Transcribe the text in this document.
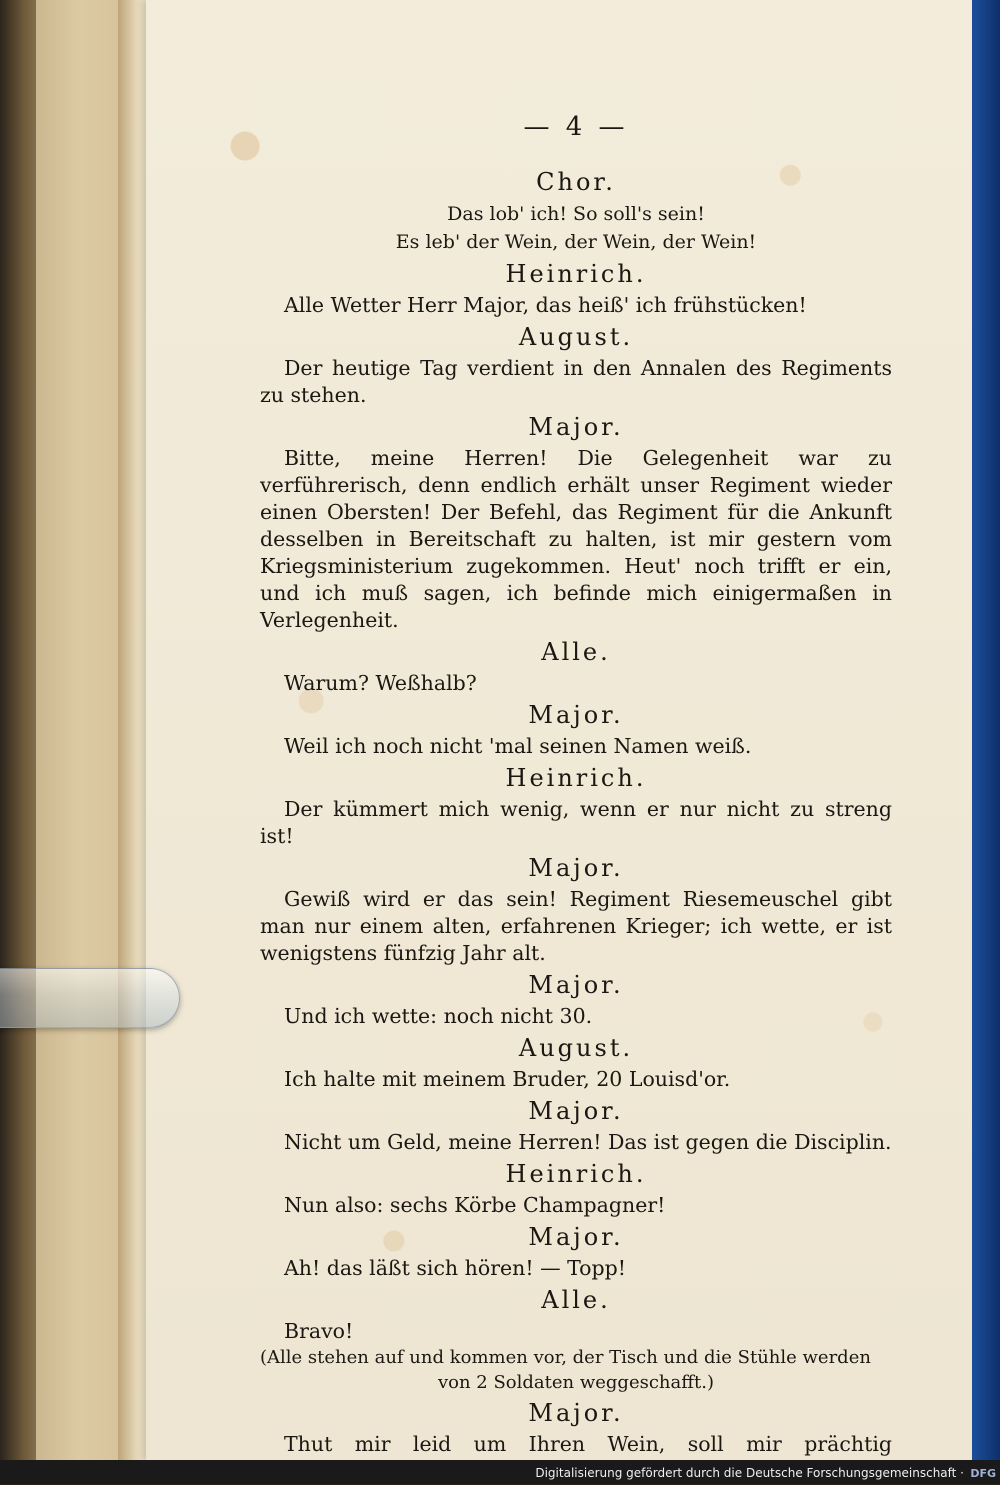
— 4 —

Chor.

Das lob' ich! So soll's sein!

Es leb' der Wein, der Wein, der Wein!

Heinrich.

Alle Wetter Herr Major, das heiß' ich frühstücken!

August.

Der heutige Tag verdient in den Annalen des Regiments zu stehen.

Major.

Bitte, meine Herren! Die Gelegenheit war zu verführerisch, denn endlich erhält unser Regiment wieder einen Obersten! Der Befehl, das Regiment für die Ankunft desselben in Bereitschaft zu halten, ist mir gestern vom Kriegsministerium zugekommen. Heut' noch trifft er ein, und ich muß sagen, ich befinde mich einigermaßen in Verlegenheit.

Alle.

Warum? Weßhalb?

Major.

Weil ich noch nicht 'mal seinen Namen weiß.

Heinrich.

Der kümmert mich wenig, wenn er nur nicht zu streng ist!

Major.

Gewiß wird er das sein! Regiment Riesemeuschel gibt man nur einem alten, erfahrenen Krieger; ich wette, er ist wenigstens fünfzig Jahr alt.

Major.

Und ich wette: noch nicht 30.

August.

Ich halte mit meinem Bruder, 20 Louisd'or.

Major.

Nicht um Geld, meine Herren! Das ist gegen die Disciplin.

Heinrich.

Nun also: sechs Körbe Champagner!

Major.

Ah! das läßt sich hören! — Topp!

Alle.

Bravo!

(Alle stehen auf und kommen vor, der Tisch und die Stühle werden

von 2 Soldaten weggeschafft.)

Major.

Thut mir leid um Ihren Wein, soll mir prächtig

Digitalisierung gefördert durch die Deutsche Forschungsgemeinschaft · DFG
